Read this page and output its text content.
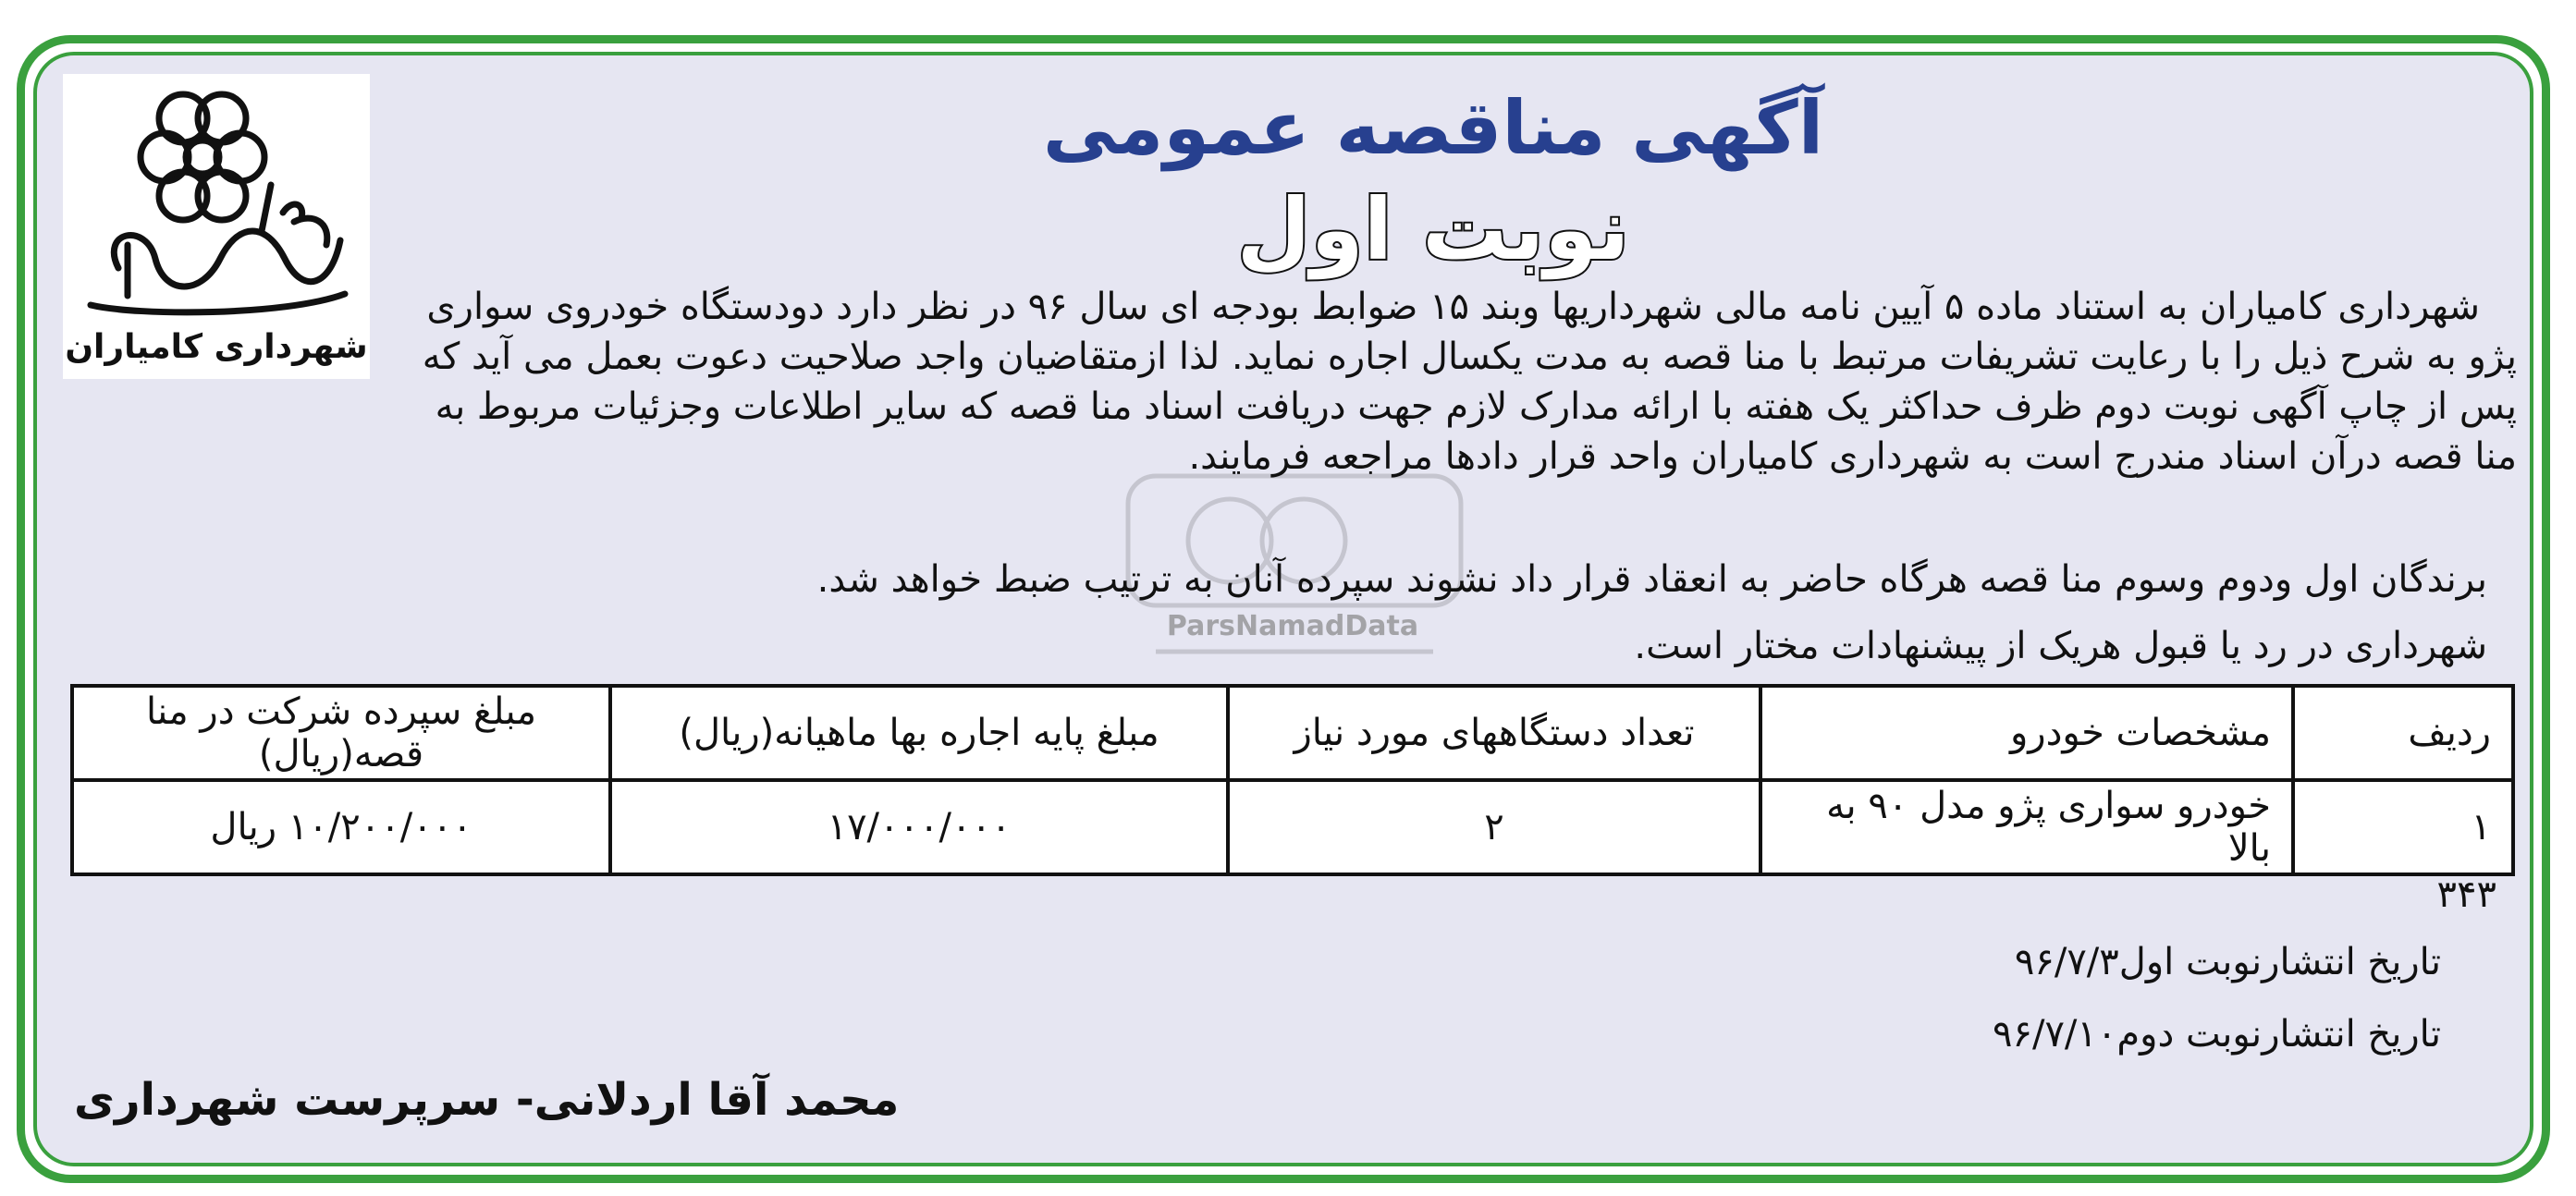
شهرداری کامیاران
آگهی مناقصه عمومی
نوبت اول
ParsNamadData
شهرداری کامیاران به استناد ماده ۵ آیین نامه مالی شهرداریها وبند ۱۵ ضوابط بودجه ای سال ۹۶ در نظر دارد دودستگاه خودروی سواری پژو به شرح ذیل را با رعایت تشریفات مرتبط با منا قصه به مدت یکسال اجاره نماید. لذا ازمتقاضیان واجد صلاحیت دعوت بعمل می آید که پس از چاپ آگهی نوبت دوم ظرف حداکثر یک هفته با ارائه مدارک لازم جهت دریافت اسناد منا قصه که سایر اطلاعات وجزئیات مربوط به منا قصه درآن اسناد مندرج است به شهرداری کامیاران واحد قرار دادها مراجعه فرمایند.
برندگان اول ودوم وسوم منا قصه هرگاه حاضر به انعقاد قرار داد نشوند سپرده آنان به ترتیب ضبط خواهد شد.
شهرداری در رد یا قبول هریک از پیشنهادات مختار است.
ردیف	مشخصات خودرو	تعداد دستگاههای مورد نیاز	مبلغ پایه اجاره بها ماهیانه(ریال)	مبلغ سپرده شرکت در منا قصه(ریال)
۱	خودرو سواری پژو مدل ۹۰ به بالا	۲	۱۷/۰۰۰/۰۰۰	۱۰/۲۰۰/۰۰۰ ریال
۳۴۳
تاریخ انتشارنوبت اول۹۶/۷/۳
تاریخ انتشارنوبت دوم۹۶/۷/۱۰
محمد آقا اردلانی- سرپرست شهرداری
